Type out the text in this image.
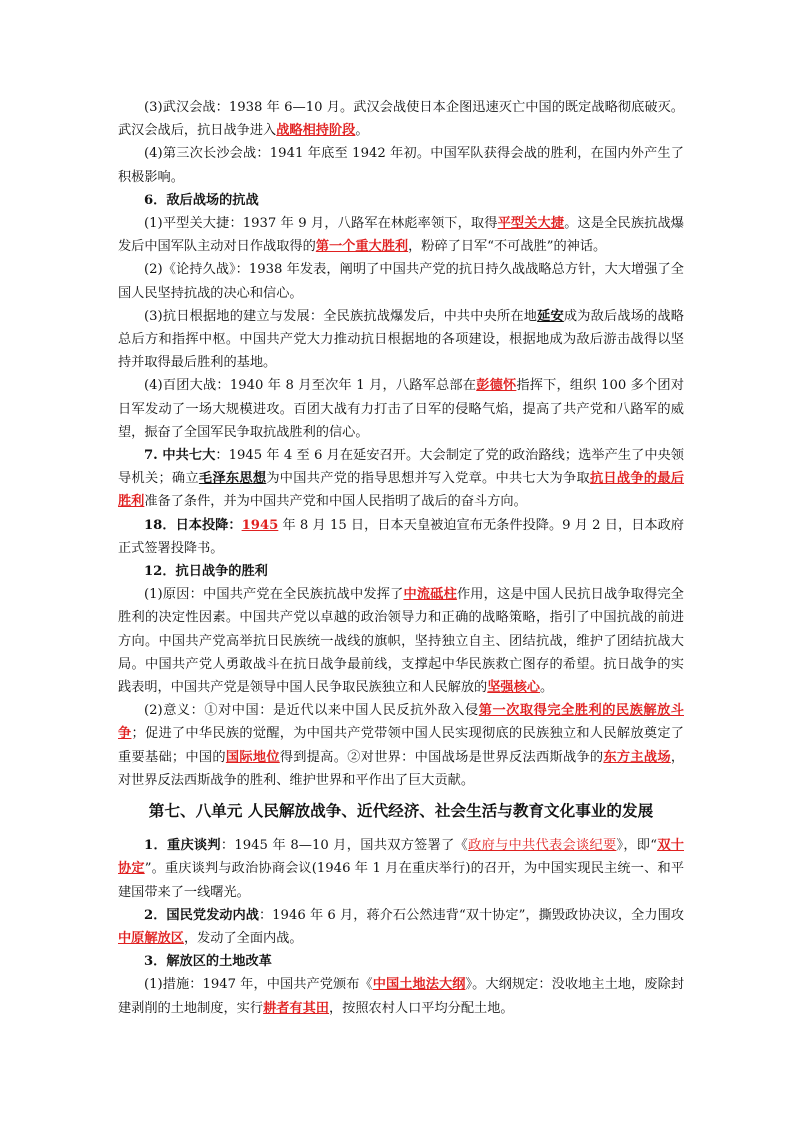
(3)武汉会战：1938 年 6—10 月。武汉会战使日本企图迅速灭亡中国的既定战略彻底破灭。武汉会战后，抗日战争进入战略相持阶段。

(4)第三次长沙会战：1941 年底至 1942 年初。中国军队获得会战的胜利，在国内外产生了积极影响。

6．敌后战场的抗战

(1)平型关大捷：1937 年 9 月，八路军在林彪率领下，取得平型关大捷。这是全民族抗战爆发后中国军队主动对日作战取得的第一个重大胜利，粉碎了日军“不可战胜”的神话。

(2)《论持久战》：1938 年发表，阐明了中国共产党的抗日持久战战略总方针，大大增强了全国人民坚持抗战的决心和信心。

(3)抗日根据地的建立与发展：全民族抗战爆发后，中共中央所在地延安成为敌后战场的战略总后方和指挥中枢。中国共产党大力推动抗日根据地的各项建设，根据地成为敌后游击战得以坚持并取得最后胜利的基地。

(4)百团大战：1940 年 8 月至次年 1 月，八路军总部在彭德怀指挥下，组织 100 多个团对日军发动了一场大规模进攻。百团大战有力打击了日军的侵略气焰，提高了共产党和八路军的威望，振奋了全国军民争取抗战胜利的信心。

7. 中共七大：1945 年 4 至 6 月在延安召开。大会制定了党的政治路线；选举产生了中央领导机关；确立毛泽东思想为中国共产党的指导思想并写入党章。中共七大为争取抗日战争的最后胜利准备了条件，并为中国共产党和中国人民指明了战后的奋斗方向。

18．日本投降：1945 年 8 月 15 日，日本天皇被迫宣布无条件投降。9 月 2 日，日本政府正式签署投降书。

12．抗日战争的胜利

(1)原因：中国共产党在全民族抗战中发挥了中流砥柱作用，这是中国人民抗日战争取得完全胜利的决定性因素。中国共产党以卓越的政治领导力和正确的战略策略，指引了中国抗战的前进方向。中国共产党高举抗日民族统一战线的旗帜，坚持独立自主、团结抗战，维护了团结抗战大局。中国共产党人勇敢战斗在抗日战争最前线，支撑起中华民族救亡图存的希望。抗日战争的实践表明，中国共产党是领导中国人民争取民族独立和人民解放的坚强核心。

(2)意义：①对中国：是近代以来中国人民反抗外敌入侵第一次取得完全胜利的民族解放斗争；促进了中华民族的觉醒，为中国共产党带领中国人民实现彻底的民族独立和人民解放奠定了重要基础；中国的国际地位得到提高。②对世界：中国战场是世界反法西斯战争的东方主战场，对世界反法西斯战争的胜利、维护世界和平作出了巨大贡献。

第七、八单元 人民解放战争、近代经济、社会生活与教育文化事业的发展

1．重庆谈判：1945 年 8—10 月，国共双方签署了《政府与中共代表会谈纪要》，即“双十协定”。重庆谈判与政治协商会议(1946 年 1 月在重庆举行)的召开，为中国实现民主统一、和平建国带来了一线曙光。

2．国民党发动内战：1946 年 6 月，蒋介石公然违背“双十协定”，撕毁政协决议，全力围攻中原解放区，发动了全面内战。

3．解放区的土地改革

(1)措施：1947 年，中国共产党颁布《中国土地法大纲》。大纲规定：没收地主土地，废除封建剥削的土地制度，实行耕者有其田，按照农村人口平均分配土地。
